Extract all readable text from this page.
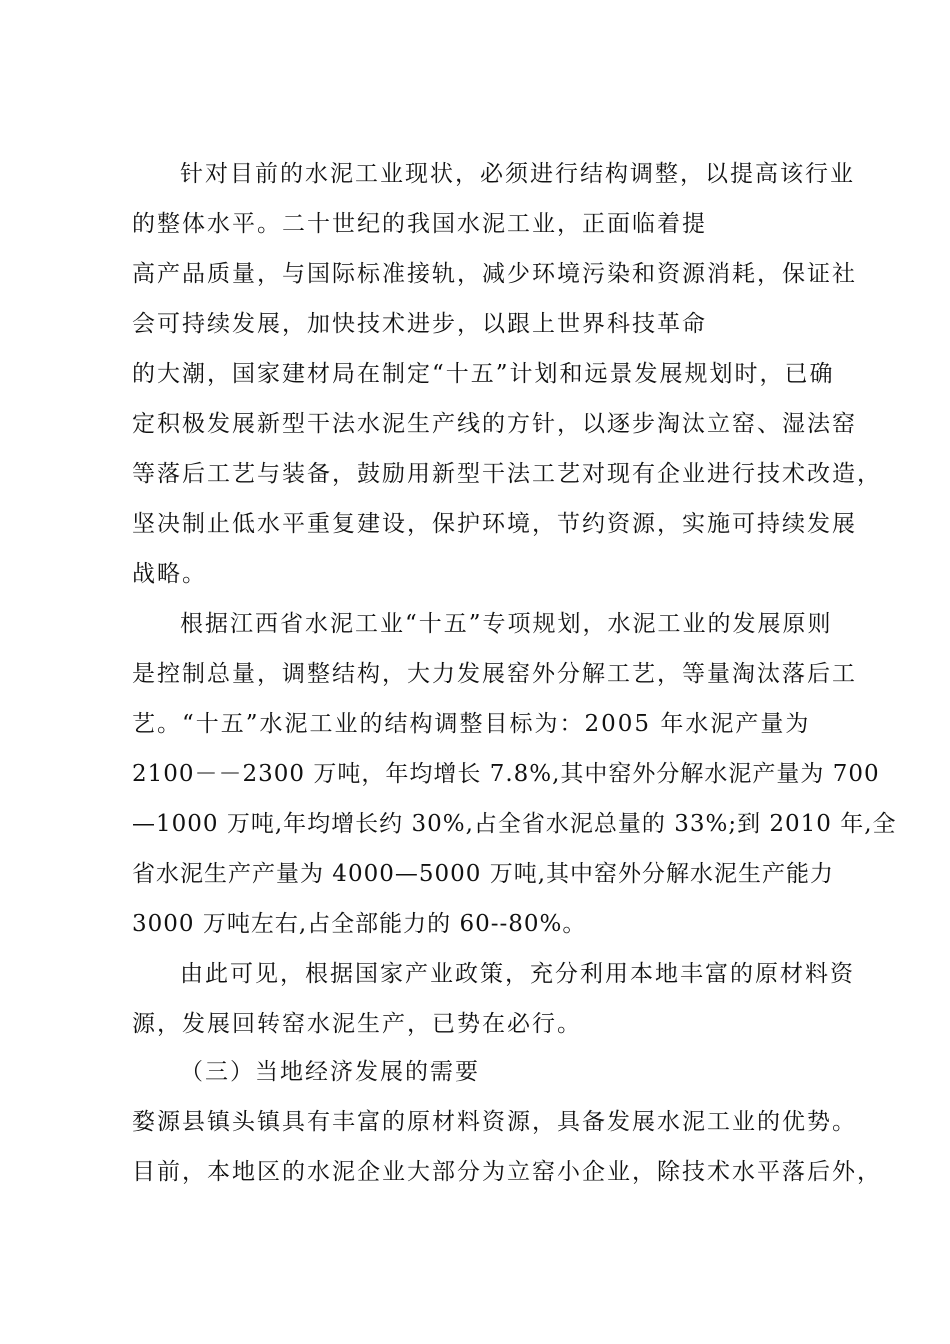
针对目前的水泥工业现状，必须进行结构调整，以提高该行业
的整体水平。二十世纪的我国水泥工业，正面临着提
高产品质量，与国际标准接轨，减少环境污染和资源消耗，保证社
会可持续发展，加快技术进步，以跟上世界科技革命
的大潮，国家建材局在制定“十五”计划和远景发展规划时，已确
定积极发展新型干法水泥生产线的方针，以逐步淘汰立窑、湿法窑
等落后工艺与装备，鼓励用新型干法工艺对现有企业进行技术改造，
坚决制止低水平重复建设，保护环境，节约资源，实施可持续发展
战略。
根据江西省水泥工业“十五”专项规划，水泥工业的发展原则
是控制总量，调整结构，大力发展窑外分解工艺，等量淘汰落后工
艺。“十五”水泥工业的结构调整目标为：2005 年水泥产量为
2100－－2300 万吨，年均增长 7.8%,其中窑外分解水泥产量为 700
—1000 万吨,年均增长约 30%,占全省水泥总量的 33%;到 2010 年,全
省水泥生产产量为 4000—5000 万吨,其中窑外分解水泥生产能力
3000 万吨左右,占全部能力的 60--80%。
由此可见，根据国家产业政策，充分利用本地丰富的原材料资
源，发展回转窑水泥生产，已势在必行。
（三）当地经济发展的需要
婺源县镇头镇具有丰富的原材料资源，具备发展水泥工业的优势。
目前，本地区的水泥企业大部分为立窑小企业，除技术水平落后外，
